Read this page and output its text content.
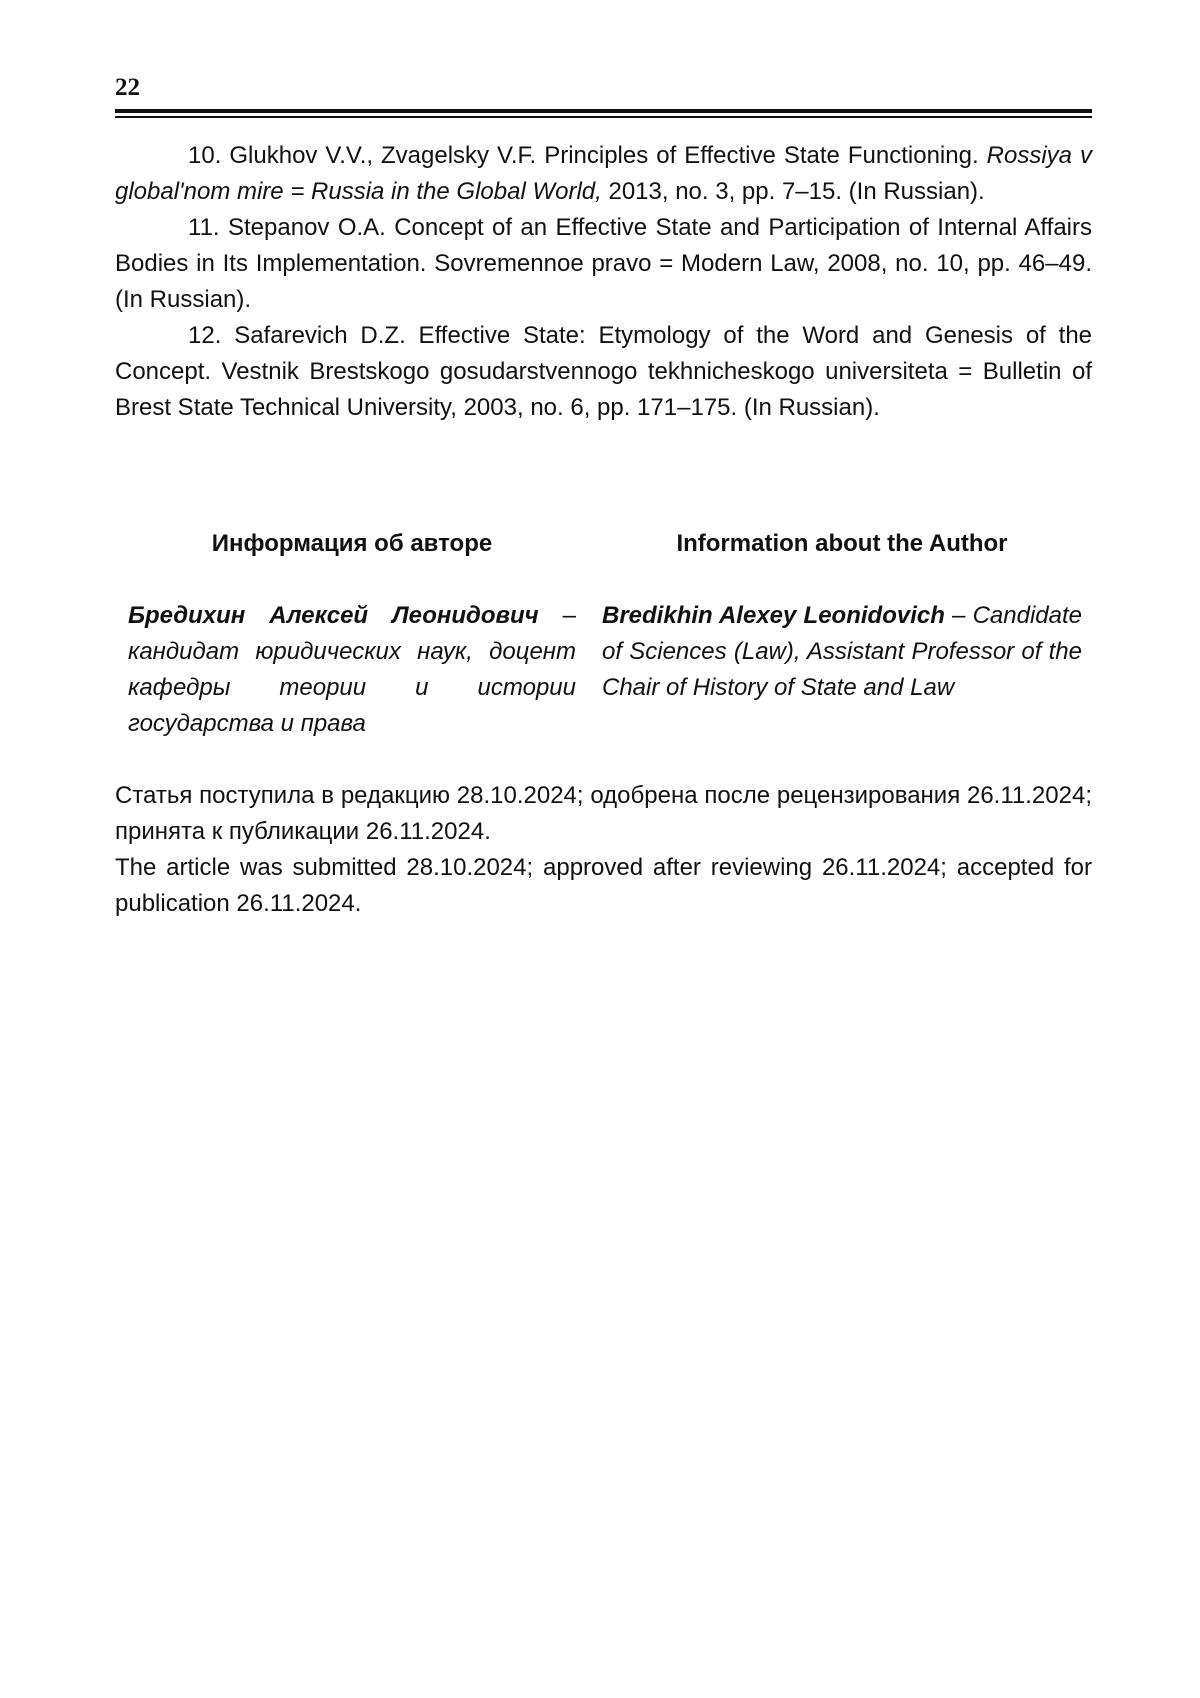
22

10. Glukhov V.V., Zvagelsky V.F. Principles of Effective State Functioning. Rossiya v global'nom mire = Russia in the Global World, 2013, no. 3, pp. 7–15. (In Russian).

11. Stepanov O.A. Concept of an Effective State and Participation of Internal Affairs Bodies in Its Implementation. Sovremennoe pravo = Modern Law, 2008, no. 10, pp. 46–49. (In Russian).

12. Safarevich D.Z. Effective State: Etymology of the Word and Genesis of the Concept. Vestnik Brestskogo gosudarstvennogo tekhnicheskogo universiteta = Bulletin of Brest State Technical University, 2003, no. 6, pp. 171–175. (In Russian).

Информация об авторе

Бредихин Алексей Леонидович – кандидат юридических наук, доцент кафедры теории и истории государства и права

Information about the Author

Bredikhin Alexey Leonidovich – Candidate of Sciences (Law), Assistant Professor of the Chair of History of State and Law

Статья поступила в редакцию 28.10.2024; одобрена после рецензирования 26.11.2024; принята к публикации 26.11.2024.

The article was submitted 28.10.2024; approved after reviewing 26.11.2024; accepted for publication 26.11.2024.
